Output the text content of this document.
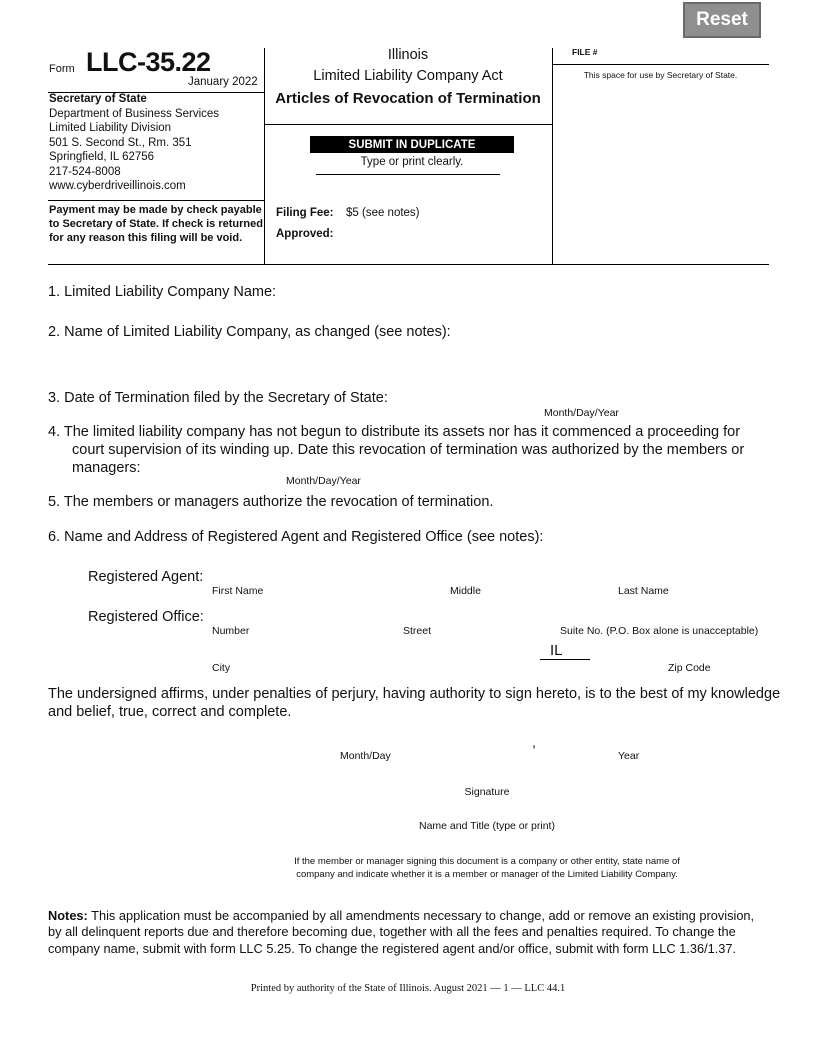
Reset
Form LLC-35.22
January 2022
Secretary of State
Department of Business Services
Limited Liability Division
501 S. Second St., Rm. 351
Springfield, IL 62756
217-524-8008
www.cyberdriveillinois.com
Payment may be made by check payable to Secretary of State. If check is returned for any reason this filing will be void.
Illinois
Limited Liability Company Act
Articles of Revocation of Termination
SUBMIT IN DUPLICATE
Type or print clearly.
Filing Fee: $5 (see notes)
Approved:
FILE #
This space for use by Secretary of State.
1. Limited Liability Company Name:
2. Name of Limited Liability Company, as changed (see notes):
3. Date of Termination filed by the Secretary of State:
Month/Day/Year
4. The limited liability company has not begun to distribute its assets nor has it commenced a proceeding for
court supervision of its winding up. Date this revocation of termination was authorized by the members or
managers:
Month/Day/Year
5. The members or managers authorize the revocation of termination.
6. Name and Address of Registered Agent and Registered Office (see notes):
Registered Agent:
First Name	Middle	Last Name
Registered Office:
Number	Street	Suite No. (P.O. Box alone is unacceptable)
IL
City	Zip Code
The undersigned affirms, under penalties of perjury, having authority to sign hereto, is to the best of my knowledge
and belief, true, correct and complete.
,
Month/Day	Year
Signature
Name and Title (type or print)
If the member or manager signing this document is a company or other entity, state name of
company and indicate whether it is a member or manager of the Limited Liability Company.
Notes: This application must be accompanied by all amendments necessary to change, add or remove an existing provision,
by all delinquent reports due and therefore becoming due, together with all the fees and penalties required. To change the
company name, submit with form LLC 5.25. To change the registered agent and/or office, submit with form LLC 1.36/1.37.
Printed by authority of the State of Illinois. August 2021 — 1 — LLC 44.1
